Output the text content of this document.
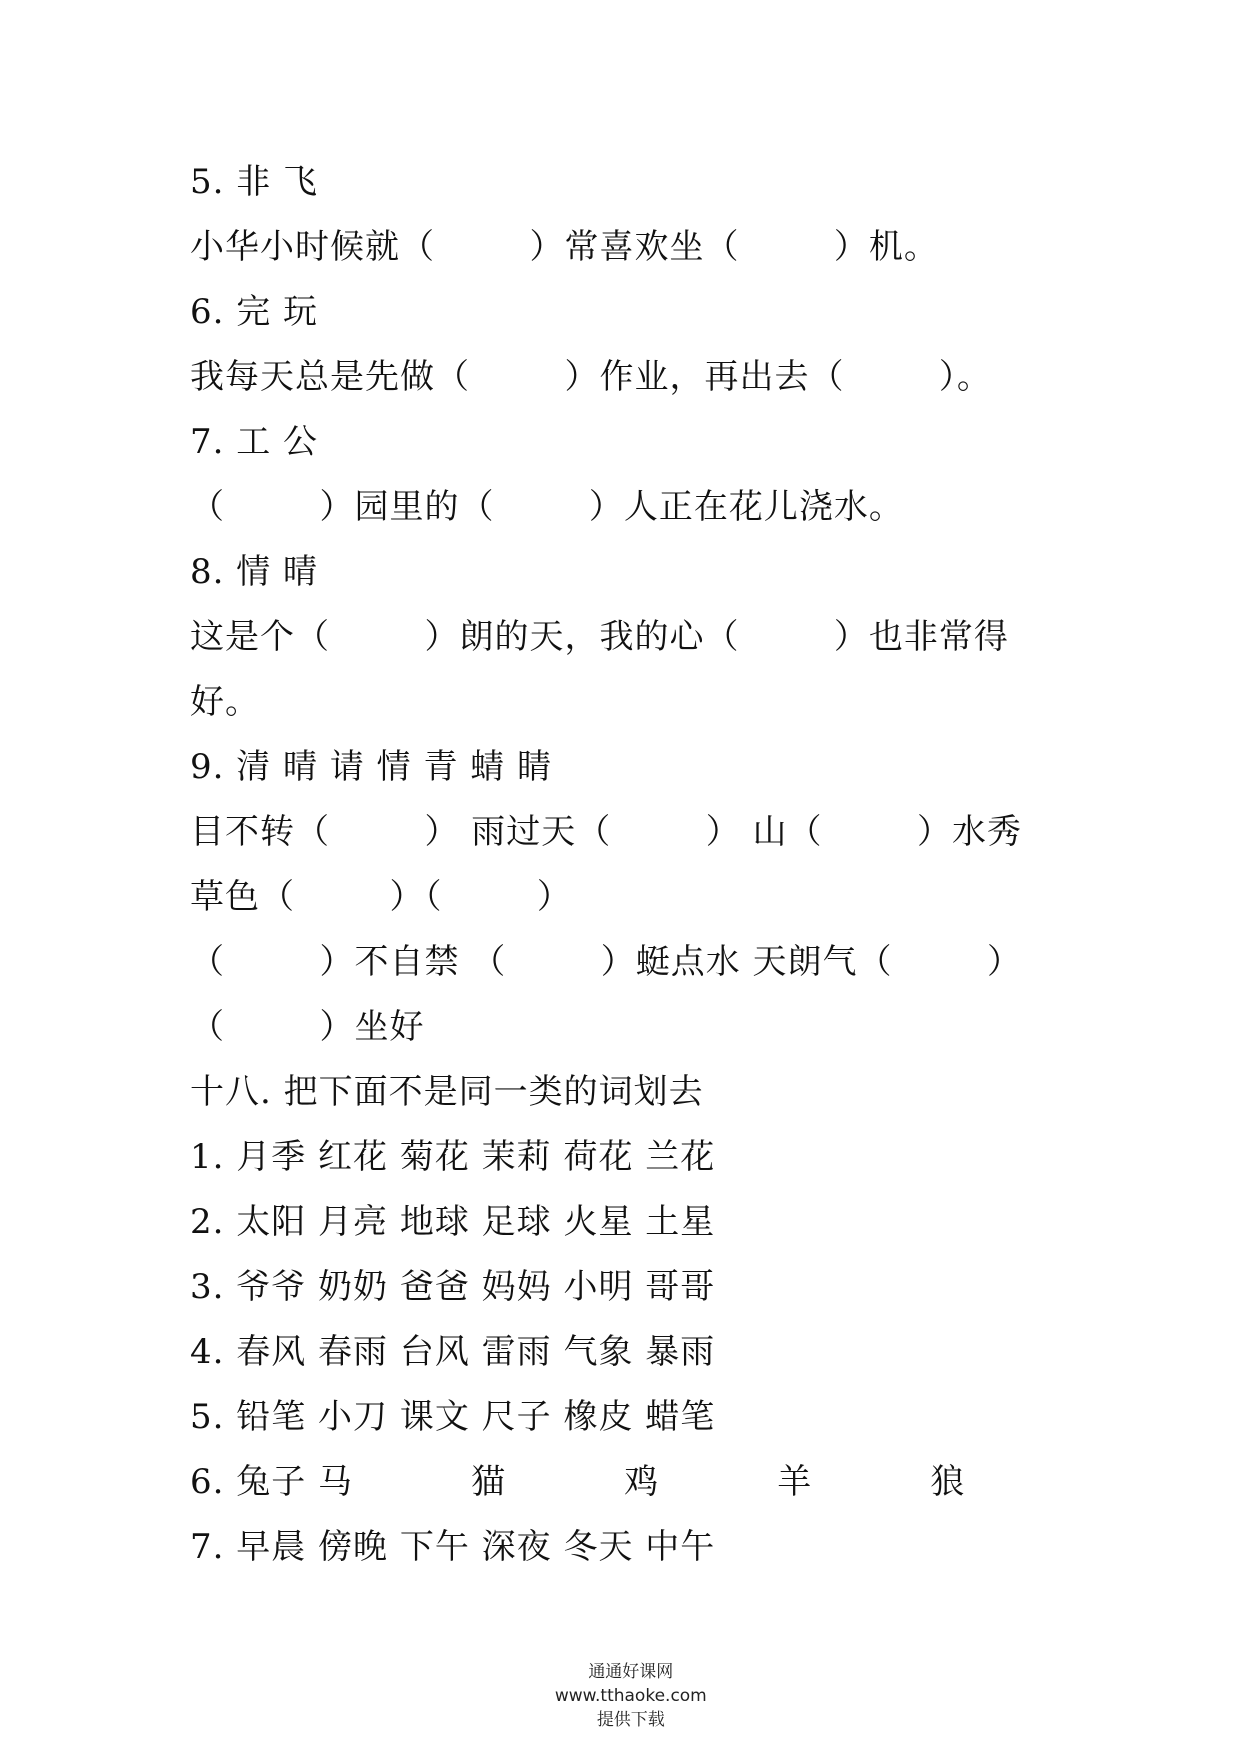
5. 非 飞
小华小时候就（        ）常喜欢坐（        ）机。
6. 完 玩
我每天总是先做（        ）作业，再出去（        ）。
7. 工 公
（        ）园里的（        ）人正在花儿浇水。
8. 情 晴
这是个（        ）朗的天，我的心（        ）也非常得
好。
9. 清 晴 请 情 青 蜻 睛
目不转（        ） 雨过天（        ） 山（        ）水秀
草色（        ）（        ）
（        ）不自禁 （        ）蜓点水 天朗气（        ）
（        ）坐好
十八. 把下面不是同一类的词划去
1. 月季 红花 菊花 茉莉 荷花 兰花
2. 太阳 月亮 地球 足球 火星 土星
3. 爷爷 奶奶 爸爸 妈妈 小明 哥哥
4. 春风 春雨 台风 雷雨 气象 暴雨
5. 铅笔 小刀 课文 尺子 橡皮 蜡笔
6. 兔子 马          猫          鸡          羊          狼
7. 早晨 傍晚 下午 深夜 冬天 中午

通通好课网
www.tthaoke.com
提供下载
